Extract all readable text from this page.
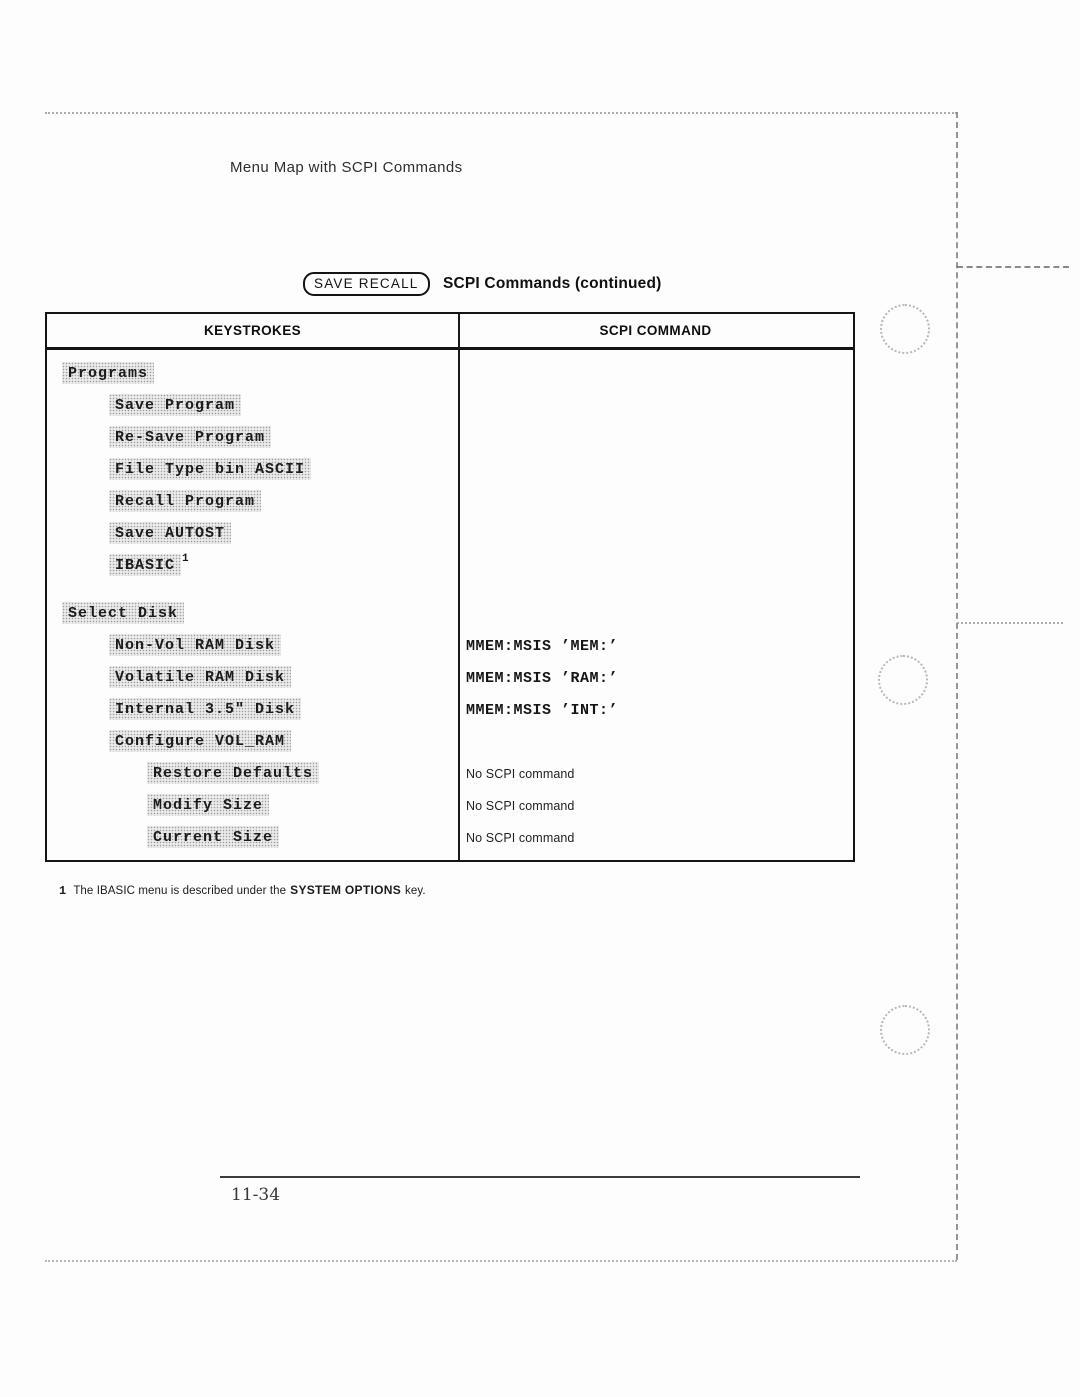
Menu Map with SCPI Commands
SAVE RECALL SCPI Commands (continued)
KEYSTROKES	SCPI COMMAND
Programs
Save Program
Re-Save Program
File Type bin ASCII
Recall Program
Save AUTOST
IBASIC $^1$
Select Disk
Non-Vol RAM Disk	MMEM:MSIS ’MEM:’
Volatile RAM Disk	MMEM:MSIS ’RAM:’
Internal 3.5" Disk	MMEM:MSIS ’INT:’
Configure VOL_RAM
Restore Defaults	No SCPI command
Modify Size	No SCPI command
Current Size	No SCPI command
1 The IBASIC menu is described under the SYSTEM OPTIONS key.
11-34
